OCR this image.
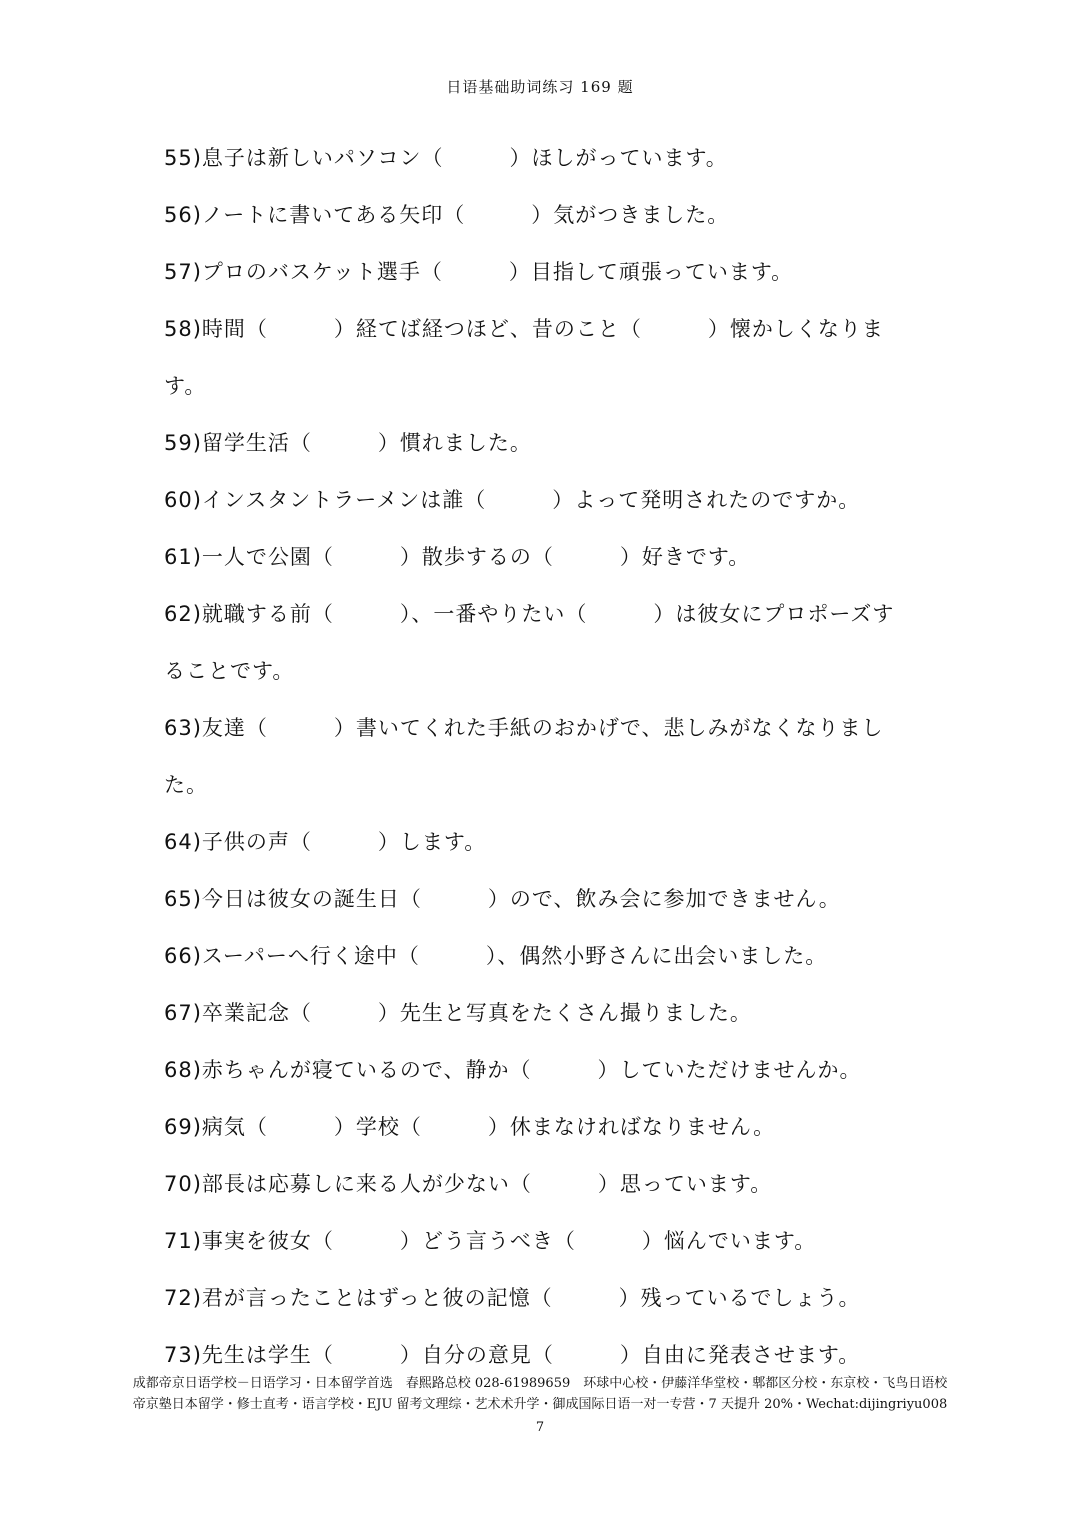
日语基础助词练习 169 题
55)息子は新しいパソコン（　　　）ほしがっています。
56)ノートに書いてある矢印（　　　）気がつきました。
57)プロのバスケット選手（　　　）目指して頑張っています。
58)時間（　　　）経てば経つほど、昔のこと（　　　）懐かしくなります。
59)留学生活（　　　）慣れました。
60)インスタントラーメンは誰（　　　）よって発明されたのですか。
61)一人で公園（　　　）散歩するの（　　　）好きです。
62)就職する前（　　　）、一番やりたい（　　　）は彼女にプロポーズすることです。
63)友達（　　　）書いてくれた手紙のおかげで、悲しみがなくなりました。
64)子供の声（　　　）します。
65)今日は彼女の誕生日（　　　）ので、飲み会に参加できません。
66)スーパーへ行く途中（　　　）、偶然小野さんに出会いました。
67)卒業記念（　　　）先生と写真をたくさん撮りました。
68)赤ちゃんが寝ているので、静か（　　　）していただけませんか。
69)病気（　　　）学校（　　　）休まなければなりません。
70)部長は応募しに来る人が少ない（　　　）思っています。
71)事実を彼女（　　　）どう言うべき（　　　）悩んでいます。
72)君が言ったことはずっと彼の記憶（　　　）残っているでしょう。
73)先生は学生（　　　）自分の意見（　　　）自由に発表させます。
成都帝京日语学校－日语学习・日本留学首选　春熙路总校 028-61989659　环球中心校・伊藤洋华堂校・郫都区分校・东京校・飞鸟日语校
帝京塾日本留学・修士直考・语言学校・EJU 留考文理综・艺术术升学・御成国际日语一对一专营・7 天提升 20%・Wechat:dijingriyu008
7
